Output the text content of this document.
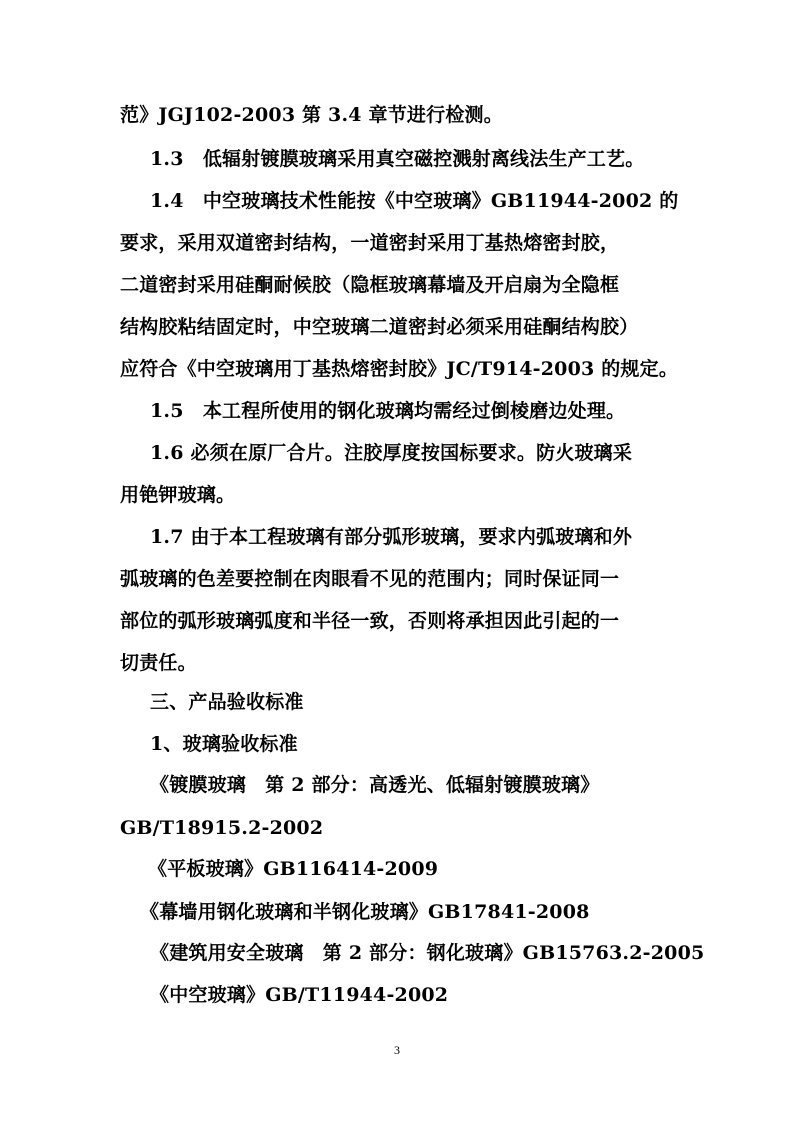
范》JGJ102-2003 第 3.4 章节进行检测。
1.3　低辐射镀膜玻璃采用真空磁控溅射离线法生产工艺。
1.4　中空玻璃技术性能按《中空玻璃》GB11944-2002 的
要求，采用双道密封结构，一道密封采用丁基热熔密封胶，
二道密封采用硅酮耐候胶（隐框玻璃幕墙及开启扇为全隐框
结构胶粘结固定时，中空玻璃二道密封必须采用硅酮结构胶）
应符合《中空玻璃用丁基热熔密封胶》JC/T914-2003 的规定。
1.5　本工程所使用的钢化玻璃均需经过倒棱磨边处理。
1.6 必须在原厂合片。注胶厚度按国标要求。防火玻璃采
用铯钾玻璃。
1.7 由于本工程玻璃有部分弧形玻璃，要求内弧玻璃和外
弧玻璃的色差要控制在肉眼看不见的范围内；同时保证同一
部位的弧形玻璃弧度和半径一致，否则将承担因此引起的一
切责任。
三、产品验收标准
1、玻璃验收标准
《镀膜玻璃　第 2 部分：高透光、低辐射镀膜玻璃》
GB/T18915.2-2002
《平板玻璃》GB116414-2009
《幕墙用钢化玻璃和半钢化玻璃》GB17841-2008
《建筑用安全玻璃　第 2 部分：钢化玻璃》GB15763.2-2005
《中空玻璃》GB/T11944-2002
3
